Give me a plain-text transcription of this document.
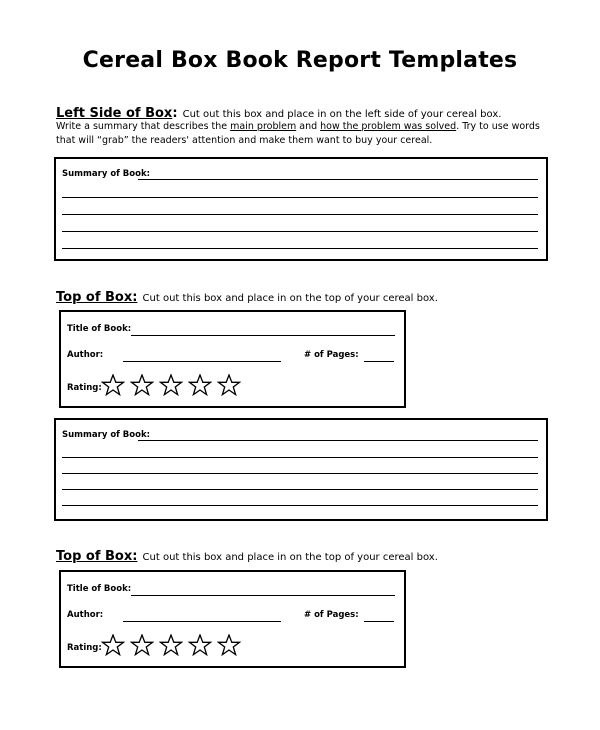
Cereal Box Book Report Templates
Left Side of Box: Cut out this box and place in on the left side of your cereal box.
Write a summary that describes the main problem and how the problem was solved. Try to use words
that will “grab” the readers' attention and make them want to buy your cereal.
Summary of Book:
Top of Box: Cut out this box and place in on the top of your cereal box.
Title of Book:
Author:	# of Pages:
Rating:
Summary of Book:
Top of Box: Cut out this box and place in on the top of your cereal box.
Title of Book:
Author:	# of Pages:
Rating:
